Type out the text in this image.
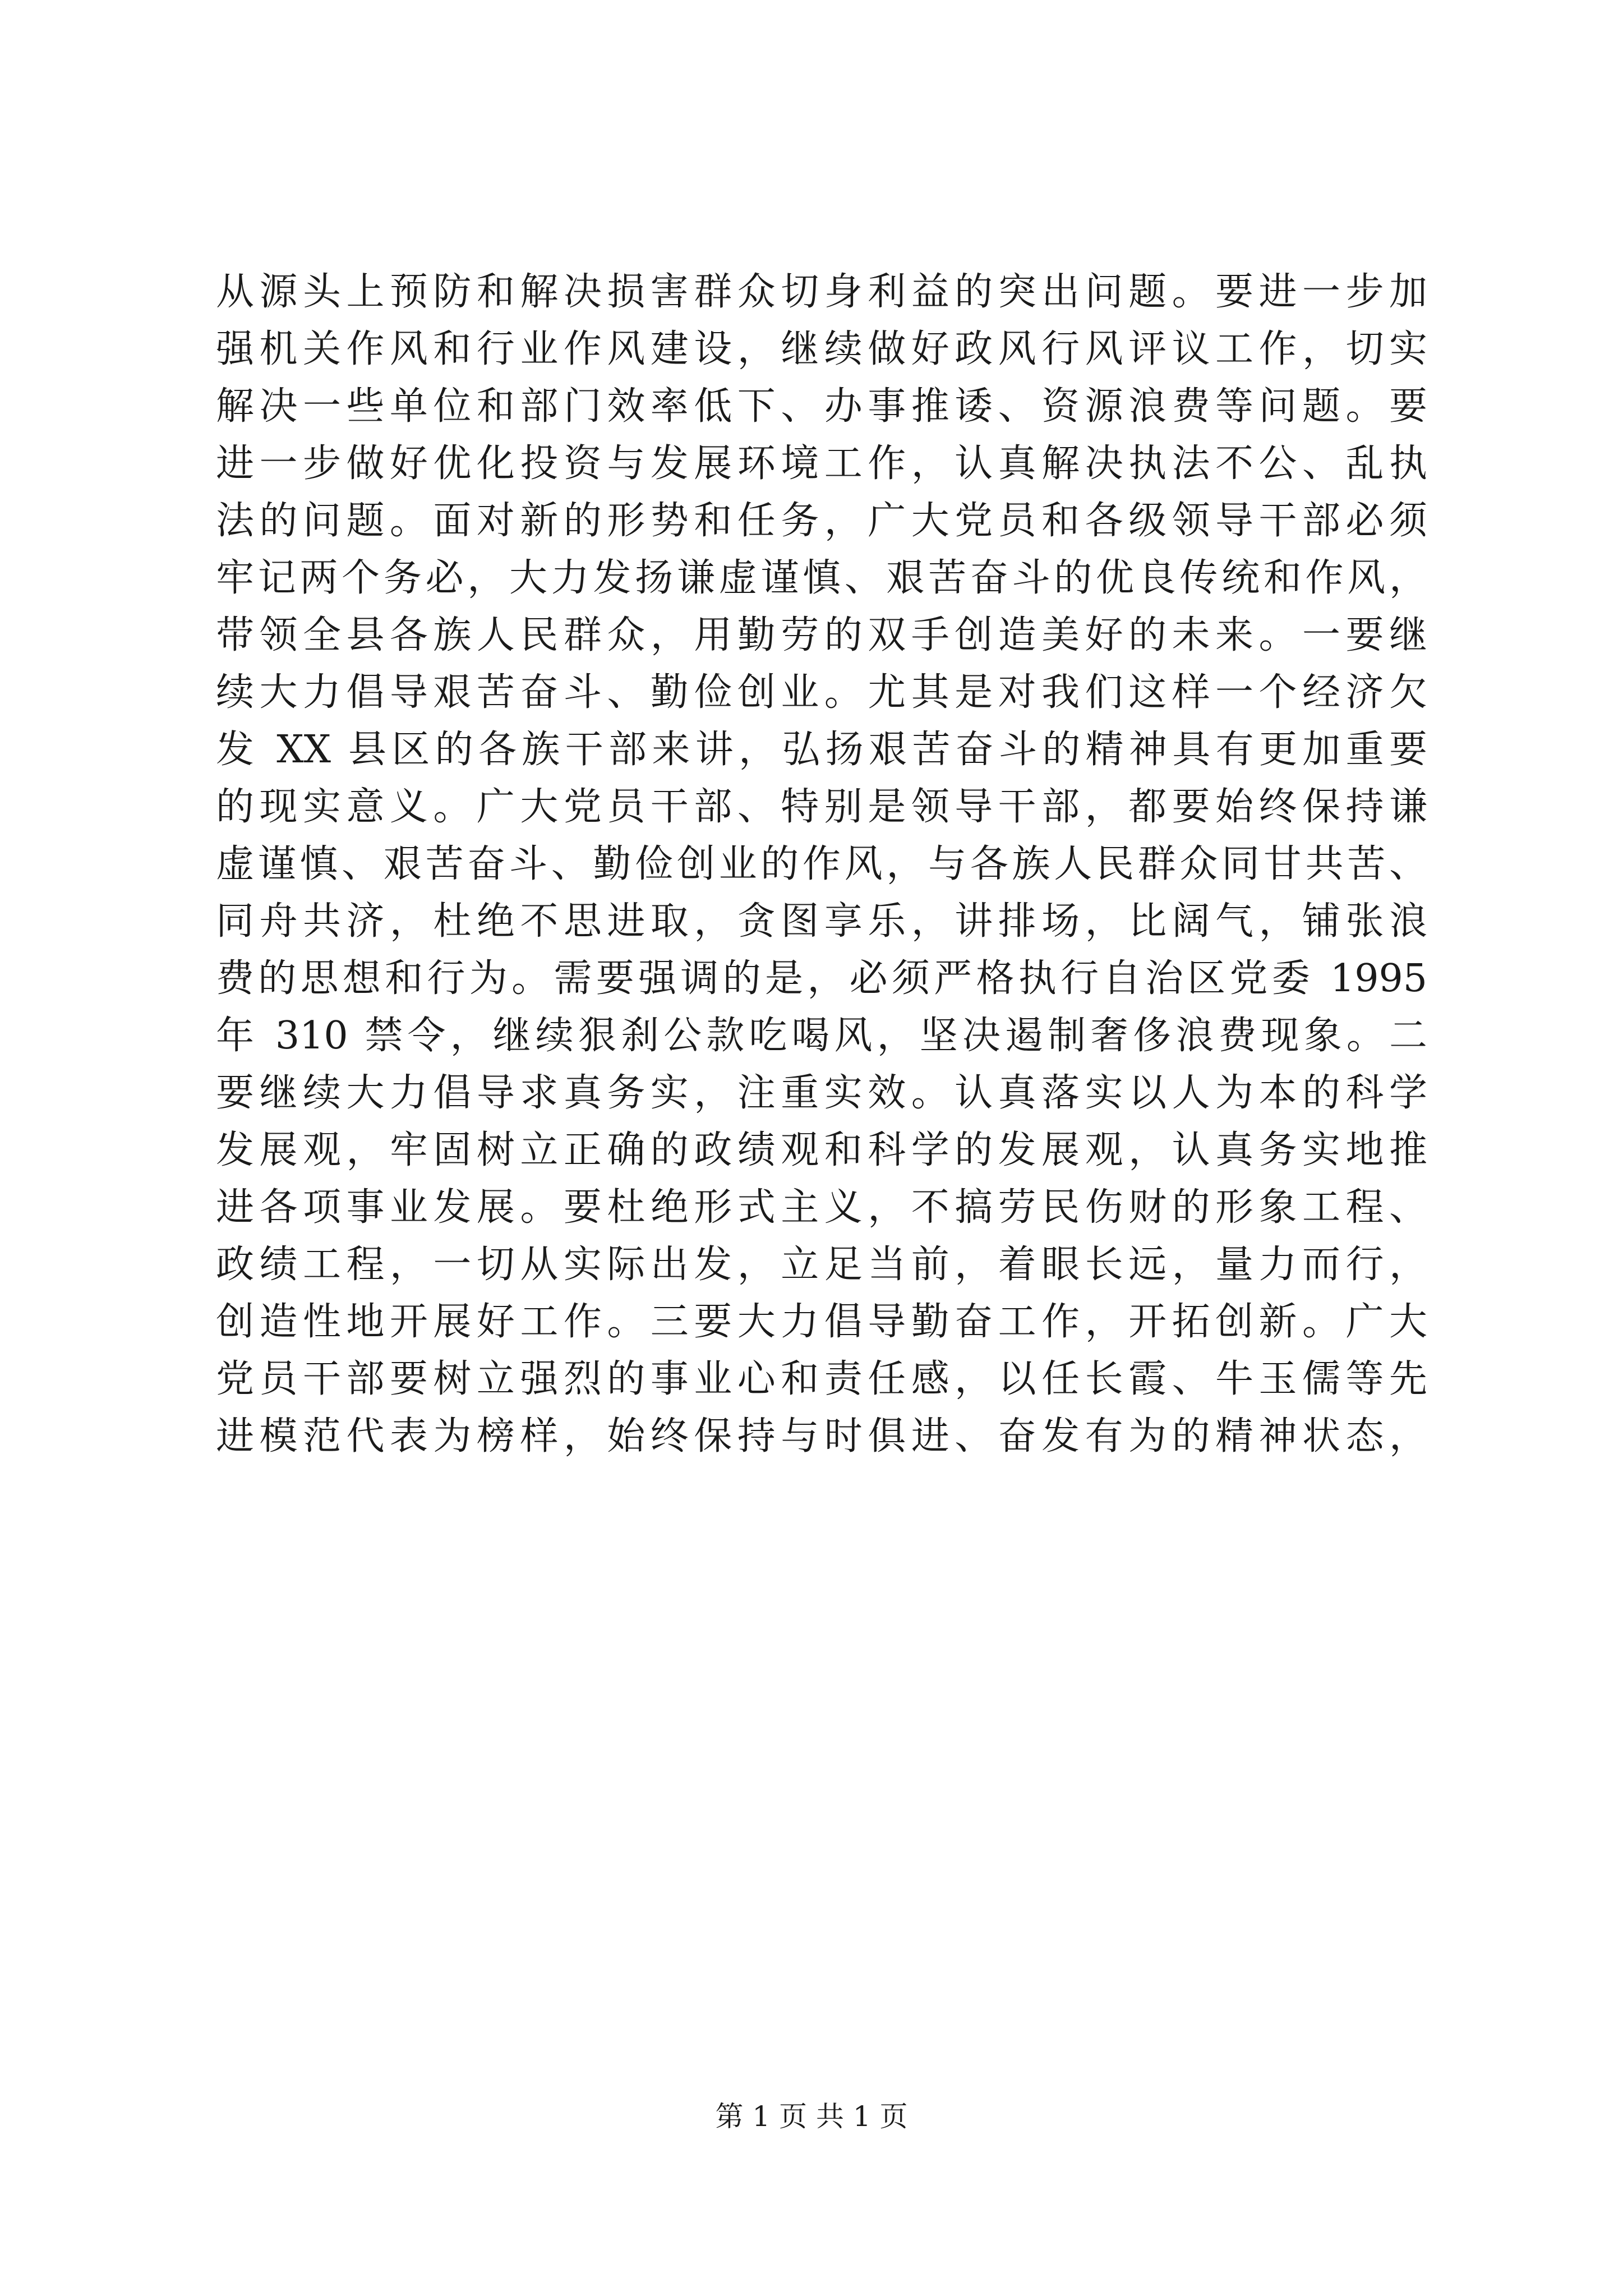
从源头上预防和解决损害群众切身利益的突出问题。要进一步加
强机关作风和行业作风建设，继续做好政风行风评议工作，切实
解决一些单位和部门效率低下、办事推诿、资源浪费等问题。要
进一步做好优化投资与发展环境工作，认真解决执法不公、乱执
法的问题。面对新的形势和任务，广大党员和各级领导干部必须
牢记两个务必，大力发扬谦虚谨慎、艰苦奋斗的优良传统和作风，
带领全县各族人民群众，用勤劳的双手创造美好的未来。一要继
续大力倡导艰苦奋斗、勤俭创业。尤其是对我们这样一个经济欠
发 XX 县区的各族干部来讲，弘扬艰苦奋斗的精神具有更加重要
的现实意义。广大党员干部、特别是领导干部，都要始终保持谦
虚谨慎、艰苦奋斗、勤俭创业的作风，与各族人民群众同甘共苦、
同舟共济，杜绝不思进取，贪图享乐，讲排场，比阔气，铺张浪
费的思想和行为。需要强调的是，必须严格执行自治区党委 1995
年 310 禁令，继续狠刹公款吃喝风，坚决遏制奢侈浪费现象。二
要继续大力倡导求真务实，注重实效。认真落实以人为本的科学
发展观，牢固树立正确的政绩观和科学的发展观，认真务实地推
进各项事业发展。要杜绝形式主义，不搞劳民伤财的形象工程、
政绩工程，一切从实际出发，立足当前，着眼长远，量力而行，
创造性地开展好工作。三要大力倡导勤奋工作，开拓创新。广大
党员干部要树立强烈的事业心和责任感，以任长霞、牛玉儒等先
进模范代表为榜样，始终保持与时俱进、奋发有为的精神状态，
第 1 页 共 1 页
